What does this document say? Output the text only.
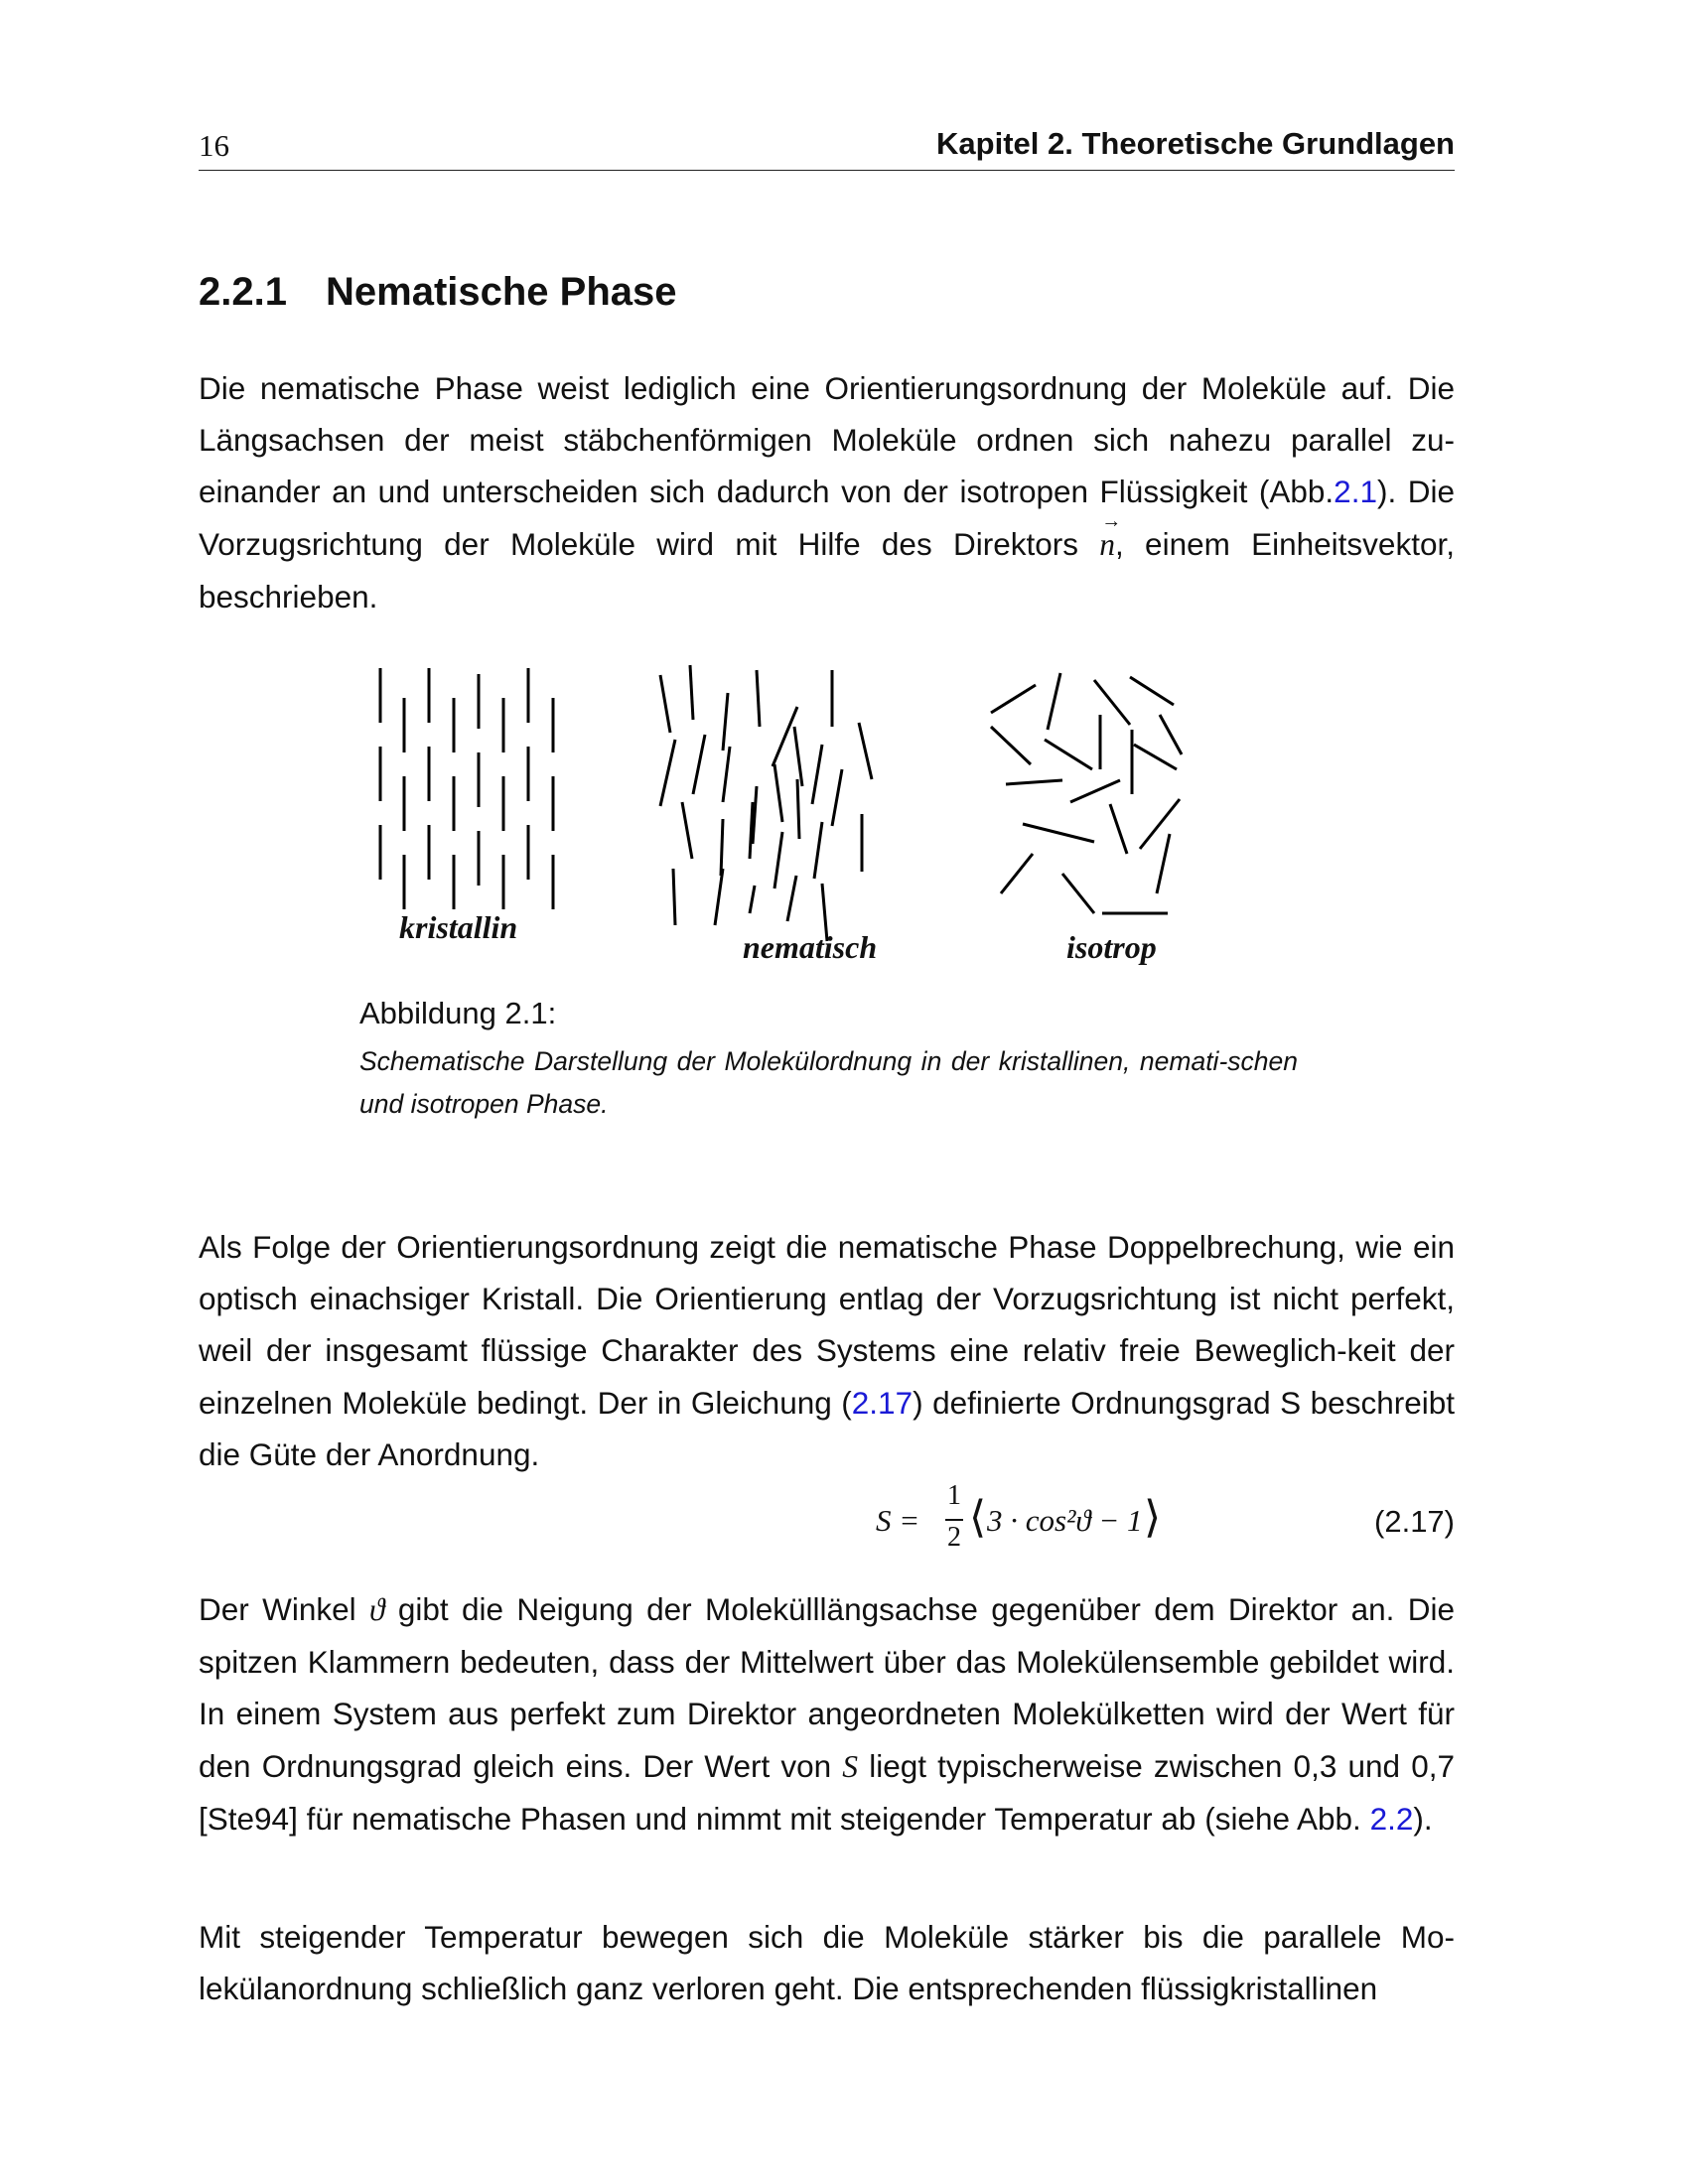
16	Kapitel 2. Theoretische Grundlagen
2.2.1 Nematische Phase

Die nematische Phase weist lediglich eine Orientierungsordnung der Moleküle auf. Die Längsachsen der meist stäbchenförmigen Moleküle ordnen sich nahezu parallel zu-einander an und unterscheiden sich dadurch von der isotropen Flüssigkeit (Abb.2.1). Die Vorzugsrichtung der Moleküle wird mit Hilfe des Direktors
→
n, einem Einheitsvektor, beschrieben.

kristallin
nematisch	isotrop
Abbildung 2.1:

Schematische Darstellung der Molekülordnung in der kristallinen, nemati-schen und isotropen Phase.

Als Folge der Orientierungsordnung zeigt die nematische Phase Doppelbrechung, wie ein optisch einachsiger Kristall. Die Orientierung entlag der Vorzugsrichtung ist nicht perfekt, weil der insgesamt flüssige Charakter des Systems eine relativ freie Beweglich-keit der einzelnen Moleküle bedingt. Der in Gleichung (2.17) definierte Ordnungsgrad S beschreibt die Güte der Anordnung.

S =
1
2 ⟨ 3 · cos²ϑ − 1 ⟩	(2.17)

Der Winkel ϑ gibt die Neigung der Molekülllängsachse gegenüber dem Direktor an. Die spitzen Klammern bedeuten, dass der Mittelwert über das Molekülensemble gebildet wird. In einem System aus perfekt zum Direktor angeordneten Molekülketten wird der Wert für den Ordnungsgrad gleich eins. Der Wert von S liegt typischerweise zwischen 0,3 und 0,7 [Ste94] für nematische Phasen und nimmt mit steigender Temperatur ab (siehe Abb. 2.2).

Mit steigender Temperatur bewegen sich die Moleküle stärker bis die parallele Mo-lekülanordnung schließlich ganz verloren geht. Die entsprechenden flüssigkristallinen
